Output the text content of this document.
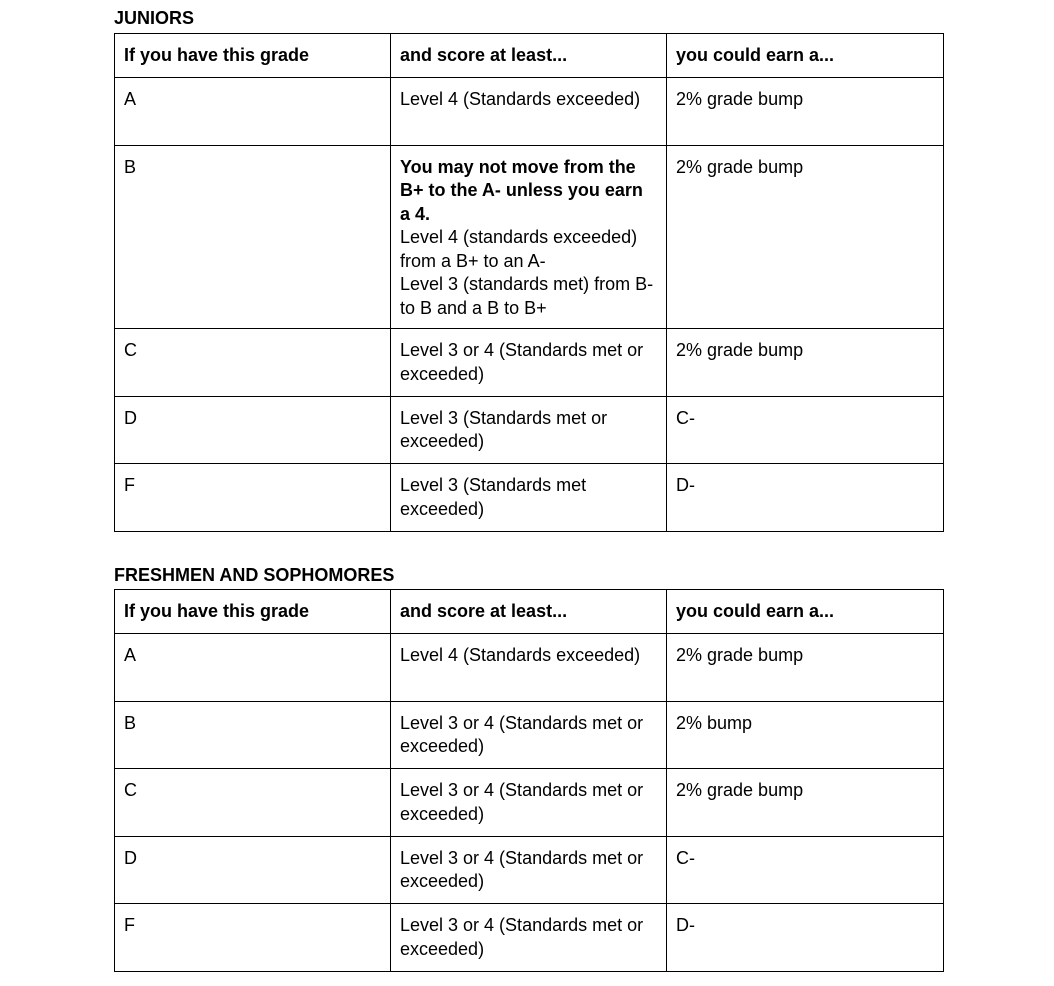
JUNIORS
If you have this grade	and score at least...	you could earn a...
A	Level 4 (Standards exceeded)	2% grade bump
B	You may not move from the B+ to the A- unless you earn a 4.
Level 4 (standards exceeded) from a B+ to an A-
Level 3 (standards met) from B- to B and a B to B+	2% grade bump
C	Level 3 or 4 (Standards met or exceeded)	2% grade bump
D	Level 3 (Standards met or exceeded)	C-
F	Level 3 (Standards met exceeded)	D-
FRESHMEN AND SOPHOMORES
If you have this grade	and score at least...	you could earn a...
A	Level 4 (Standards exceeded)	2% grade bump
B	Level 3 or 4 (Standards met or exceeded)	2% bump
C	Level 3 or 4 (Standards met or exceeded)	2% grade bump
D	Level 3 or 4 (Standards met or exceeded)	C-
F	Level 3 or 4 (Standards met or exceeded)	D-
